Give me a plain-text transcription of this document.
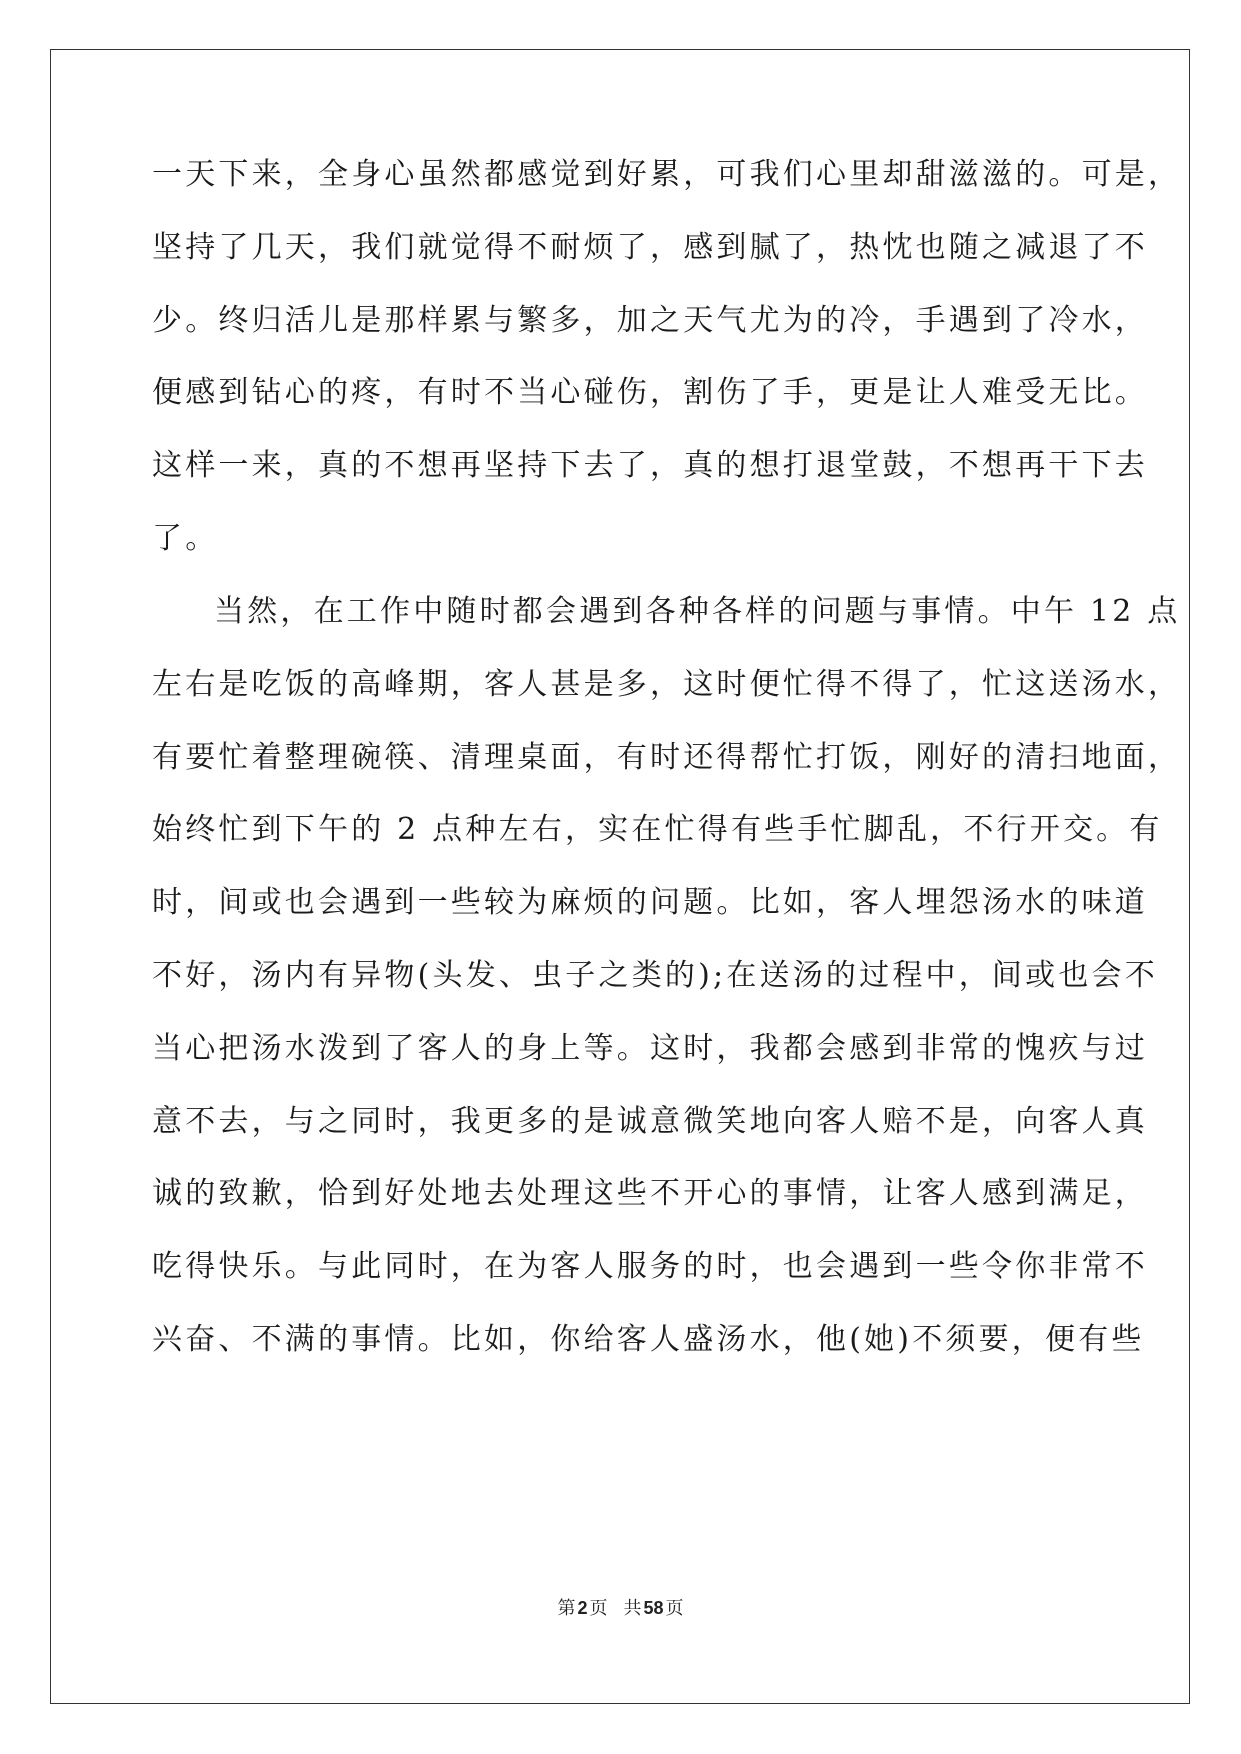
一天下来，全身心虽然都感觉到好累，可我们心里却甜滋滋的。可是，
坚持了几天，我们就觉得不耐烦了，感到腻了，热忱也随之减退了不
少。终归活儿是那样累与繁多，加之天气尤为的冷，手遇到了冷水，
便感到钻心的疼，有时不当心碰伤，割伤了手，更是让人难受无比。
这样一来，真的不想再坚持下去了，真的想打退堂鼓，不想再干下去
了。
当然，在工作中随时都会遇到各种各样的问题与事情。中午 12 点
左右是吃饭的高峰期，客人甚是多，这时便忙得不得了，忙这送汤水，
有要忙着整理碗筷、清理桌面，有时还得帮忙打饭，刚好的清扫地面，
始终忙到下午的 2 点种左右，实在忙得有些手忙脚乱，不行开交。有
时，间或也会遇到一些较为麻烦的问题。比如，客人埋怨汤水的味道
不好，汤内有异物(头发、虫子之类的);在送汤的过程中，间或也会不
当心把汤水泼到了客人的身上等。这时，我都会感到非常的愧疚与过
意不去，与之同时，我更多的是诚意微笑地向客人赔不是，向客人真
诚的致歉，恰到好处地去处理这些不开心的事情，让客人感到满足，
吃得快乐。与此同时，在为客人服务的时，也会遇到一些令你非常不
兴奋、不满的事情。比如，你给客人盛汤水，他(她)不须要，便有些
第 2 页 共 58 页
